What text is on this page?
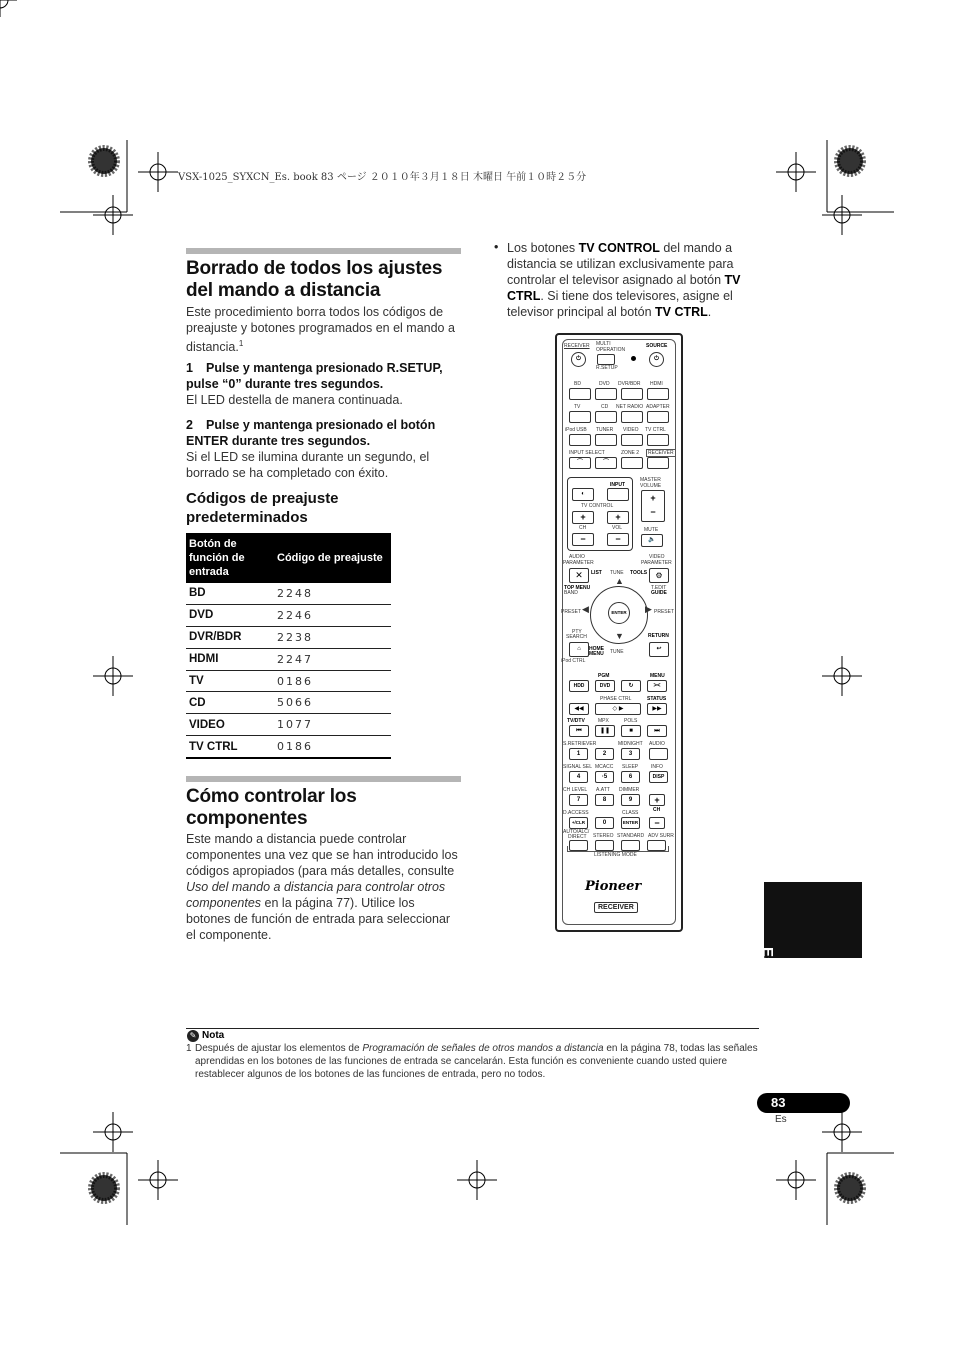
VSX-1025_SYXCN_Es. book 83 ページ ２０１０年３月１８日 木曜日 午前１０時２５分
Borrado de todos los ajustes del mando a distancia

Este procedimiento borra todos los códigos de preajuste y botones programados en el mando a distancia.$^1$

1 Pulse y mantenga presionado R.SETUP, pulse “0” durante tres segundos.
El LED destella de manera continuada.
2 Pulse y mantenga presionado el botón ENTER durante tres segundos.
Si el LED se ilumina durante un segundo, el borrado se ha completado con éxito.
Códigos de preajuste predeterminados
Botón de función de entrada	Código de preajuste
BD	2248
DVD	2246
DVR/BDR	2238
HDMI	2247
TV	0186
CD	5066
VIDEO	1077
TV CTRL	0186
Cómo controlar los componentes

Este mando a distancia puede controlar componentes una vez que se han introducido los códigos apropiados (para más detalles, consulte Uso del mando a distancia para controlar otros componentes en la página 77). Utilice los botones de función de entrada para seleccionar el componente.

• Los botones TV CONTROL del mando a distancia se utilizan exclusivamente para controlar el televisor asignado al botón TV CTRL. Si tiene dos televisores, asigne el televisor principal al botón TV CTRL.

RECEIVER
⏻
MULTI
OPERATION
R.SETUP
SOURCE
⏻
BD	DVD DVR/BDR HDMI
TV	CD NET RADIO ADAPTER
iPod USB TUNER VIDEO TV CTRL
INPUT SELECT	ZONE 2	RECEIVER
⌒	⌒
◐
INPUT
TV CONTROL
+	+
CH	VOL
−	−
MASTER
VOLUME
+
−
MUTE
🔈
AUDIO
PARAMETER
VIDEO
PARAMETER
✕	⚙
LIST TUNE TOOLS
TOP MENU
BAND
T.EDIT
GUIDE
▲
▼
◀	▶
ENTER
PRESET	PRESET
PTY
SEARCH	RETURN
⌂	HOME
MENU TUNE	↩
iPod CTRL
PGM	MENU
HDD	DVD	↻	><
PHASE CTRL	STATUS
◀◀	◇ ▶	▶▶
TV/DTV	MPX	POLS
⏮	❚❚	■	⏭
S.RETRIEVER	MIDNIGHT AUDIO
1	2	3
SIGNAL SEL MCACC SLEEP	INFO
4	·5	6	DISP
CH LEVEL A.ATT DIMMER
7	8	9	+
CH
D.ACCESS	CLASS
+/CLR	0	ENTER	−
AUTO/ALC/
DIRECT STEREO STANDARD ADV SURR
LISTENING MODE
Pioneer
RECEIVER
Español
✎ Nota
1 Después de ajustar los elementos de Programación de señales de otros mandos a distancia en la página 78, todas las señales aprendidas en los botones de las funciones de entrada se cancelarán. Esta función es conveniente cuando usted quiere restablecer algunos de los botones de las funciones de entrada, pero no todos.
83
Es
